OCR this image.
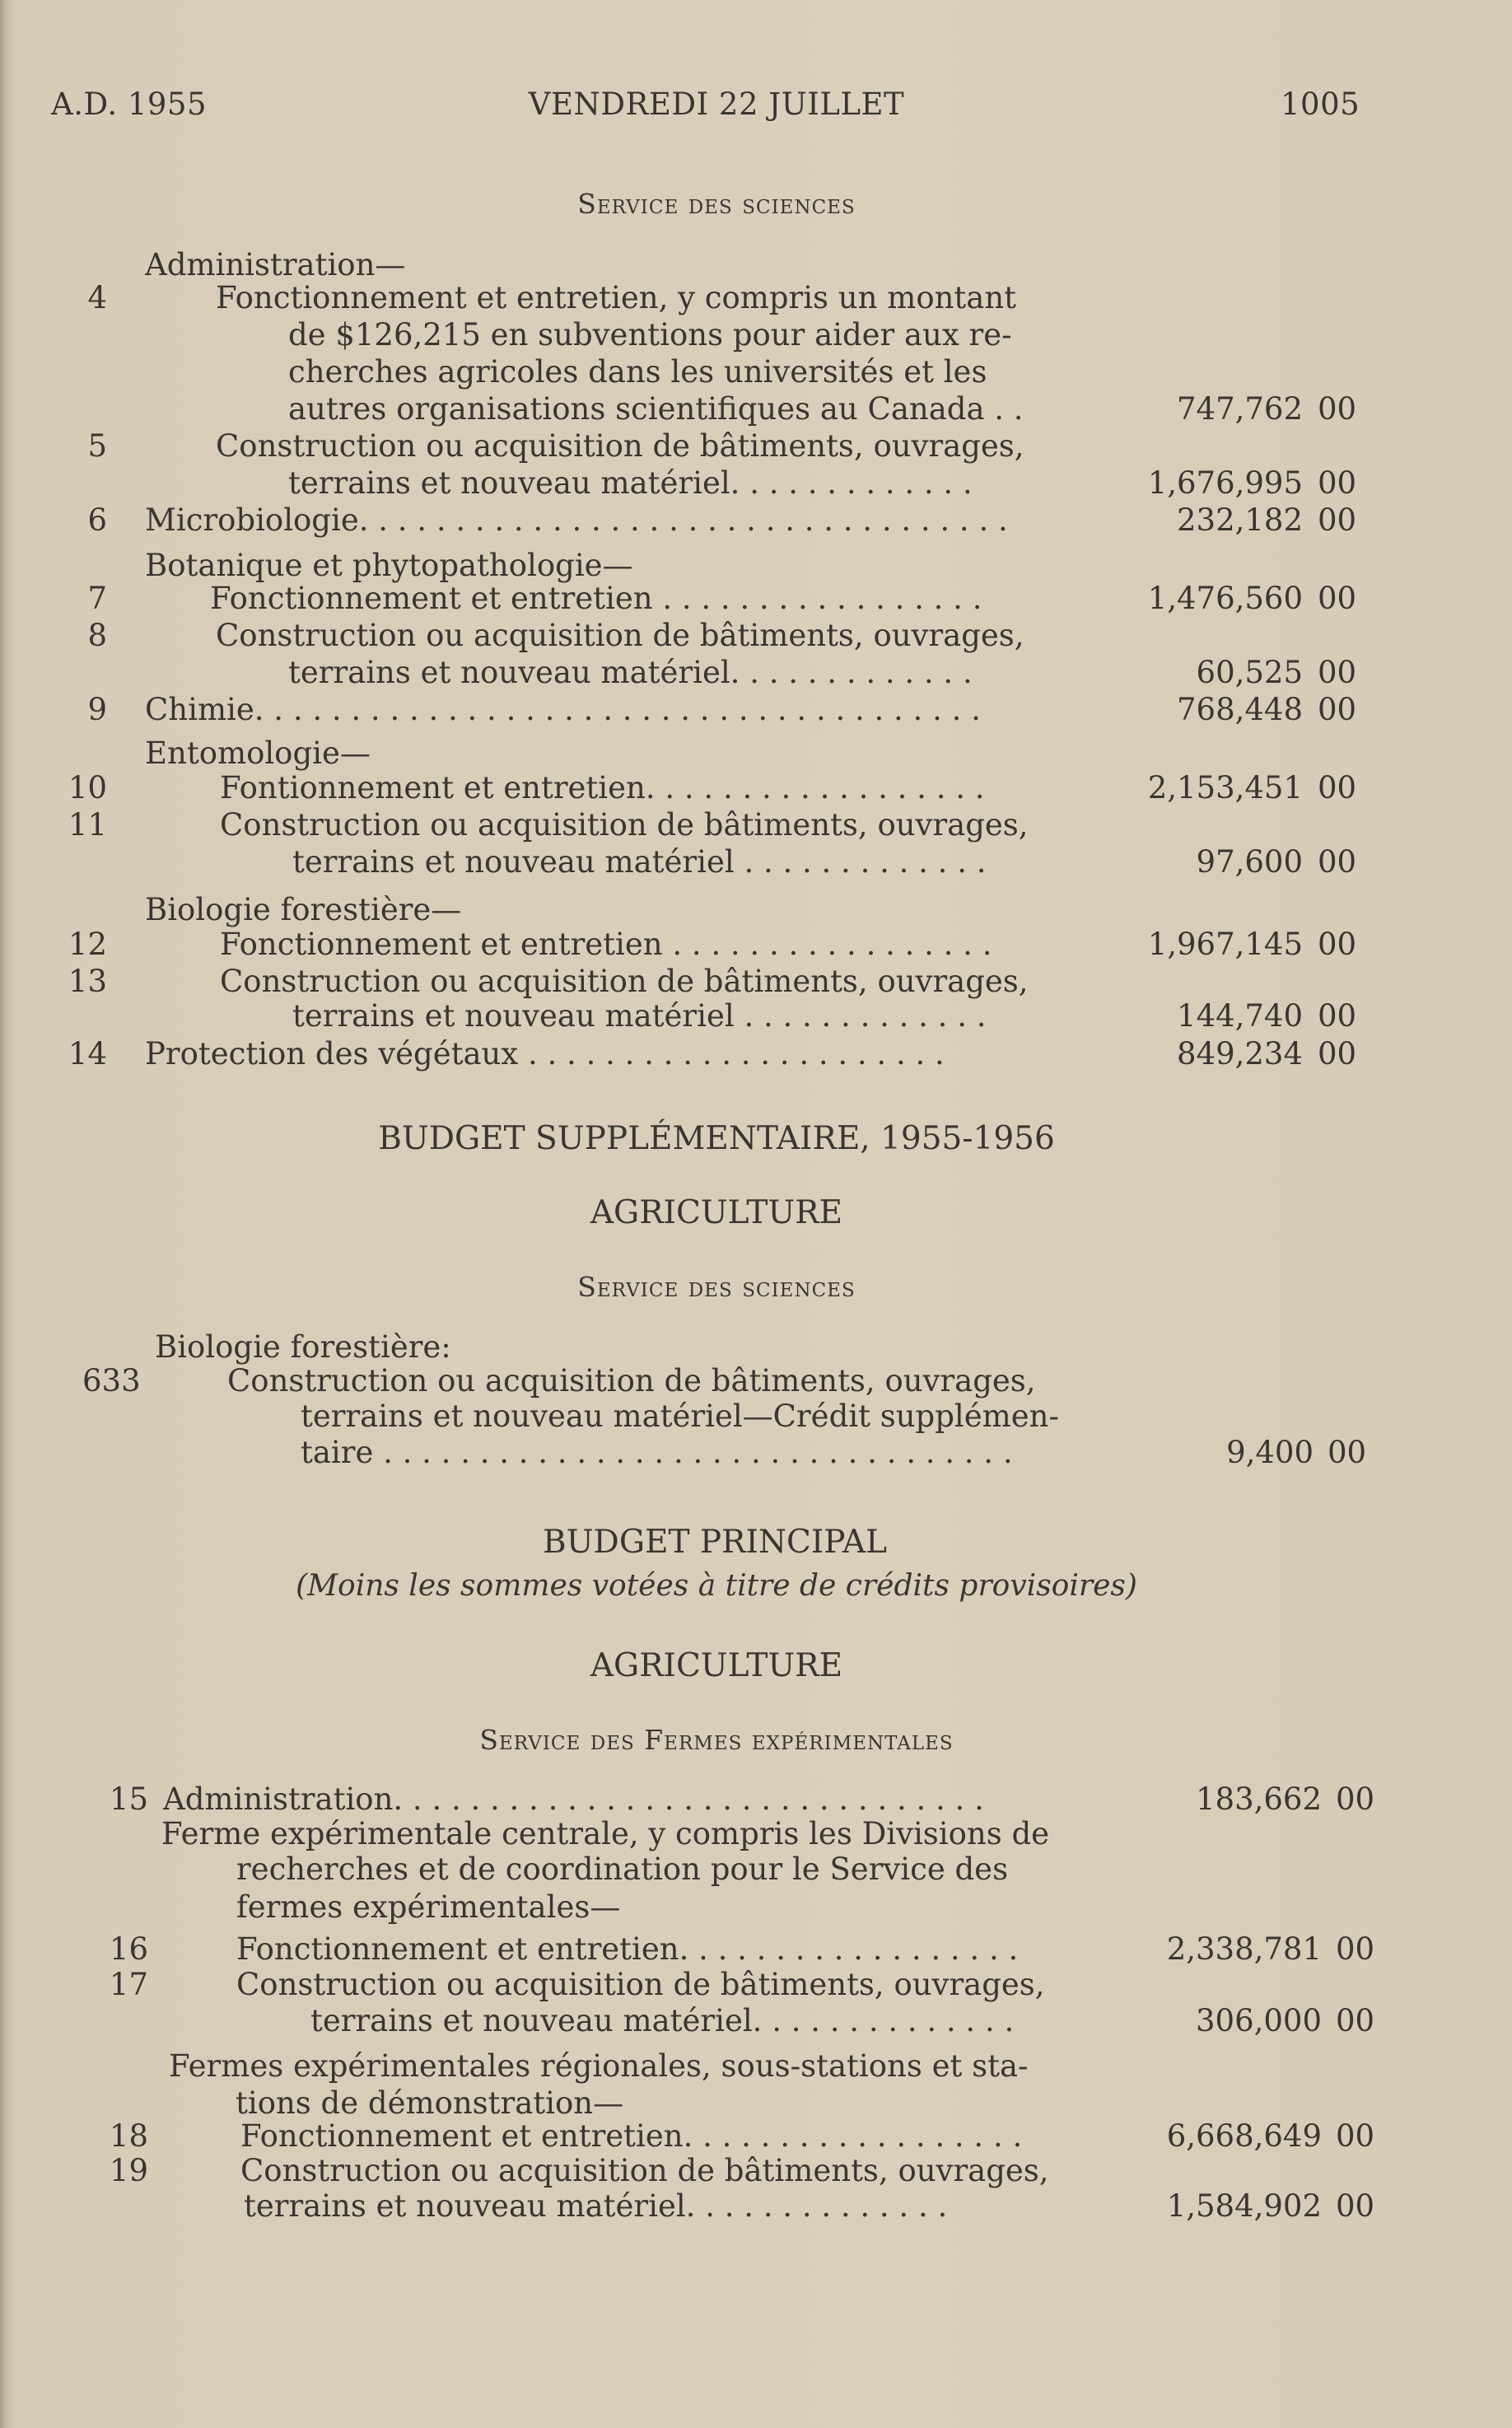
A.D. 1955	VENDREDI 22 JUILLET	1005
Service des sciences
Administration—
4	Fonctionnement et entretien, y compris un montant
de $126,215 en subventions pour aider aux re-
cherches agricoles dans les universités et les
autres organisations scientifiques au Canada . .	747,762 00
5	Construction ou acquisition de bâtiments, ouvrages,
terrains et nouveau matériel. . . . . . . . . . . . .	1,676,995 00
6 Microbiologie. . . . . . . . . . . . . . . . . . . . . . . . . . . . . . . . . .	232,182 00
Botanique et phytopathologie—
7	Fonctionnement et entretien . . . . . . . . . . . . . . . . .	1,476,560 00
8	Construction ou acquisition de bâtiments, ouvrages,
terrains et nouveau matériel. . . . . . . . . . . . .	60,525 00
9 Chimie. . . . . . . . . . . . . . . . . . . . . . . . . . . . . . . . . . . . . .	768,448 00
Entomologie—
10	Fontionnement et entretien. . . . . . . . . . . . . . . . . .	2,153,451 00
11	Construction ou acquisition de bâtiments, ouvrages,
terrains et nouveau matériel . . . . . . . . . . . . .	97,600 00
Biologie forestière—
12	Fonctionnement et entretien . . . . . . . . . . . . . . . . .	1,967,145 00
13	Construction ou acquisition de bâtiments, ouvrages,
terrains et nouveau matériel . . . . . . . . . . . . .	144,740 00
14 Protection des végétaux . . . . . . . . . . . . . . . . . . . . . .	849,234 00
BUDGET SUPPLÉMENTAIRE, 1955-1956
AGRICULTURE
Service des sciences
Biologie forestière:
633	Construction ou acquisition de bâtiments, ouvrages,
terrains et nouveau matériel—Crédit supplémen-
taire . . . . . . . . . . . . . . . . . . . . . . . . . . . . . . . . .	9,400 00
BUDGET PRINCIPAL
(Moins les sommes votées à titre de crédits provisoires)
AGRICULTURE
Service des Fermes expérimentales
15 Administration. . . . . . . . . . . . . . . . . . . . . . . . . . . . . . .	183,662 00
Ferme expérimentale centrale, y compris les Divisions de
recherches et de coordination pour le Service des
fermes expérimentales—
16	Fonctionnement et entretien. . . . . . . . . . . . . . . . . .	2,338,781 00
17	Construction ou acquisition de bâtiments, ouvrages,
terrains et nouveau matériel. . . . . . . . . . . . . .	306,000 00
Fermes expérimentales régionales, sous-stations et sta-
tions de démonstration—
18	Fonctionnement et entretien. . . . . . . . . . . . . . . . . .	6,668,649 00
19	Construction ou acquisition de bâtiments, ouvrages,
terrains et nouveau matériel. . . . . . . . . . . . . .	1,584,902 00
